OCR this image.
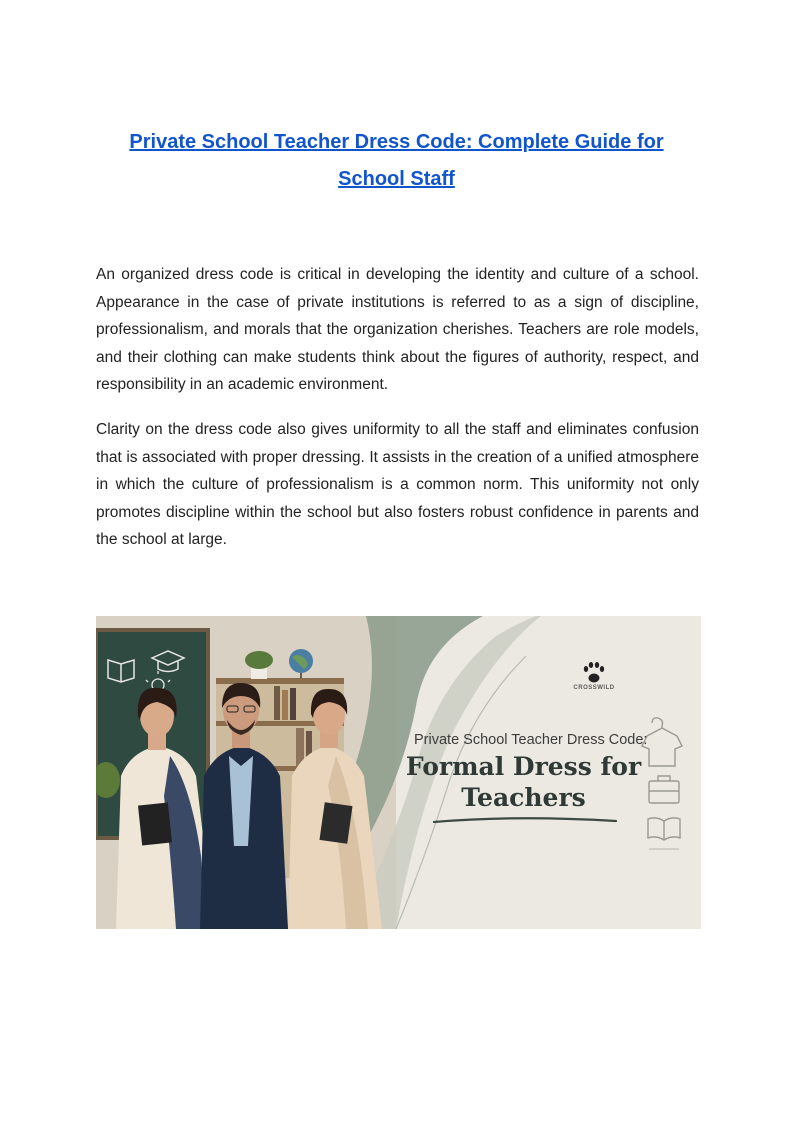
Private School Teacher Dress Code: Complete Guide for School Staff

An organized dress code is critical in developing the identity and culture of a school. Appearance in the case of private institutions is referred to as a sign of discipline, professionalism, and morals that the organization cherishes. Teachers are role models, and their clothing can make students think about the figures of authority, respect, and responsibility in an academic environment.

Clarity on the dress code also gives uniformity to all the staff and eliminates confusion that is associated with proper dressing. It assists in the creation of a unified atmosphere in which the culture of professionalism is a common norm. This uniformity not only promotes discipline within the school but also fosters robust confidence in parents and the school at large.

CROSSWILD
Private School Teacher Dress Code:
Formal Dress for Teachers
